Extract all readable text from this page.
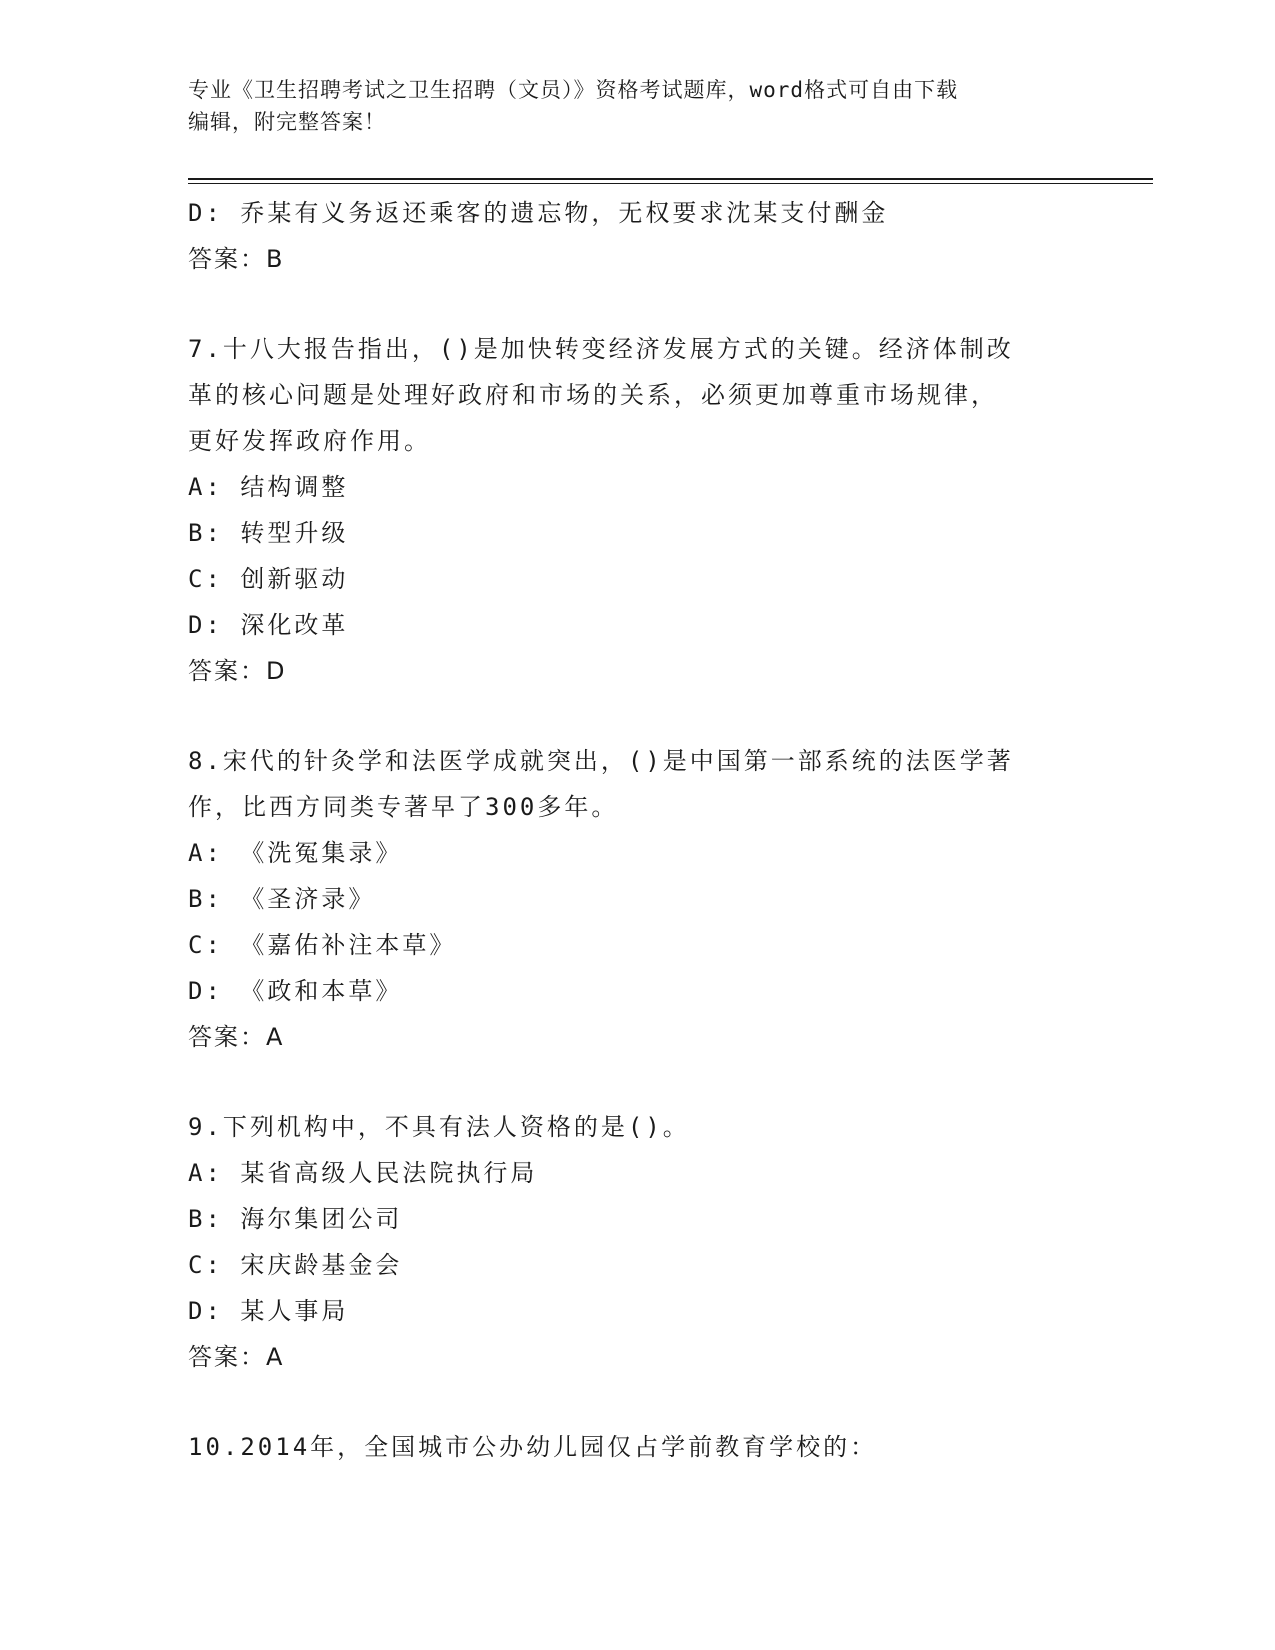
专业《卫生招聘考试之卫生招聘（文员）》资格考试题库，word格式可自由下载
编辑，附完整答案！
D: 乔某有义务返还乘客的遗忘物，无权要求沈某支付酬金
答案：B
7.十八大报告指出，()是加快转变经济发展方式的关键。经济体制改
革的核心问题是处理好政府和市场的关系，必须更加尊重市场规律，
更好发挥政府作用。
A: 结构调整
B: 转型升级
C: 创新驱动
D: 深化改革
答案：D
8.宋代的针灸学和法医学成就突出，()是中国第一部系统的法医学著
作，比西方同类专著早了300多年。
A: 《洗冤集录》
B: 《圣济录》
C: 《嘉佑补注本草》
D: 《政和本草》
答案：A
9.下列机构中，不具有法人资格的是()。
A: 某省高级人民法院执行局
B: 海尔集团公司
C: 宋庆龄基金会
D: 某人事局
答案：A
10.2014年，全国城市公办幼儿园仅占学前教育学校的：
